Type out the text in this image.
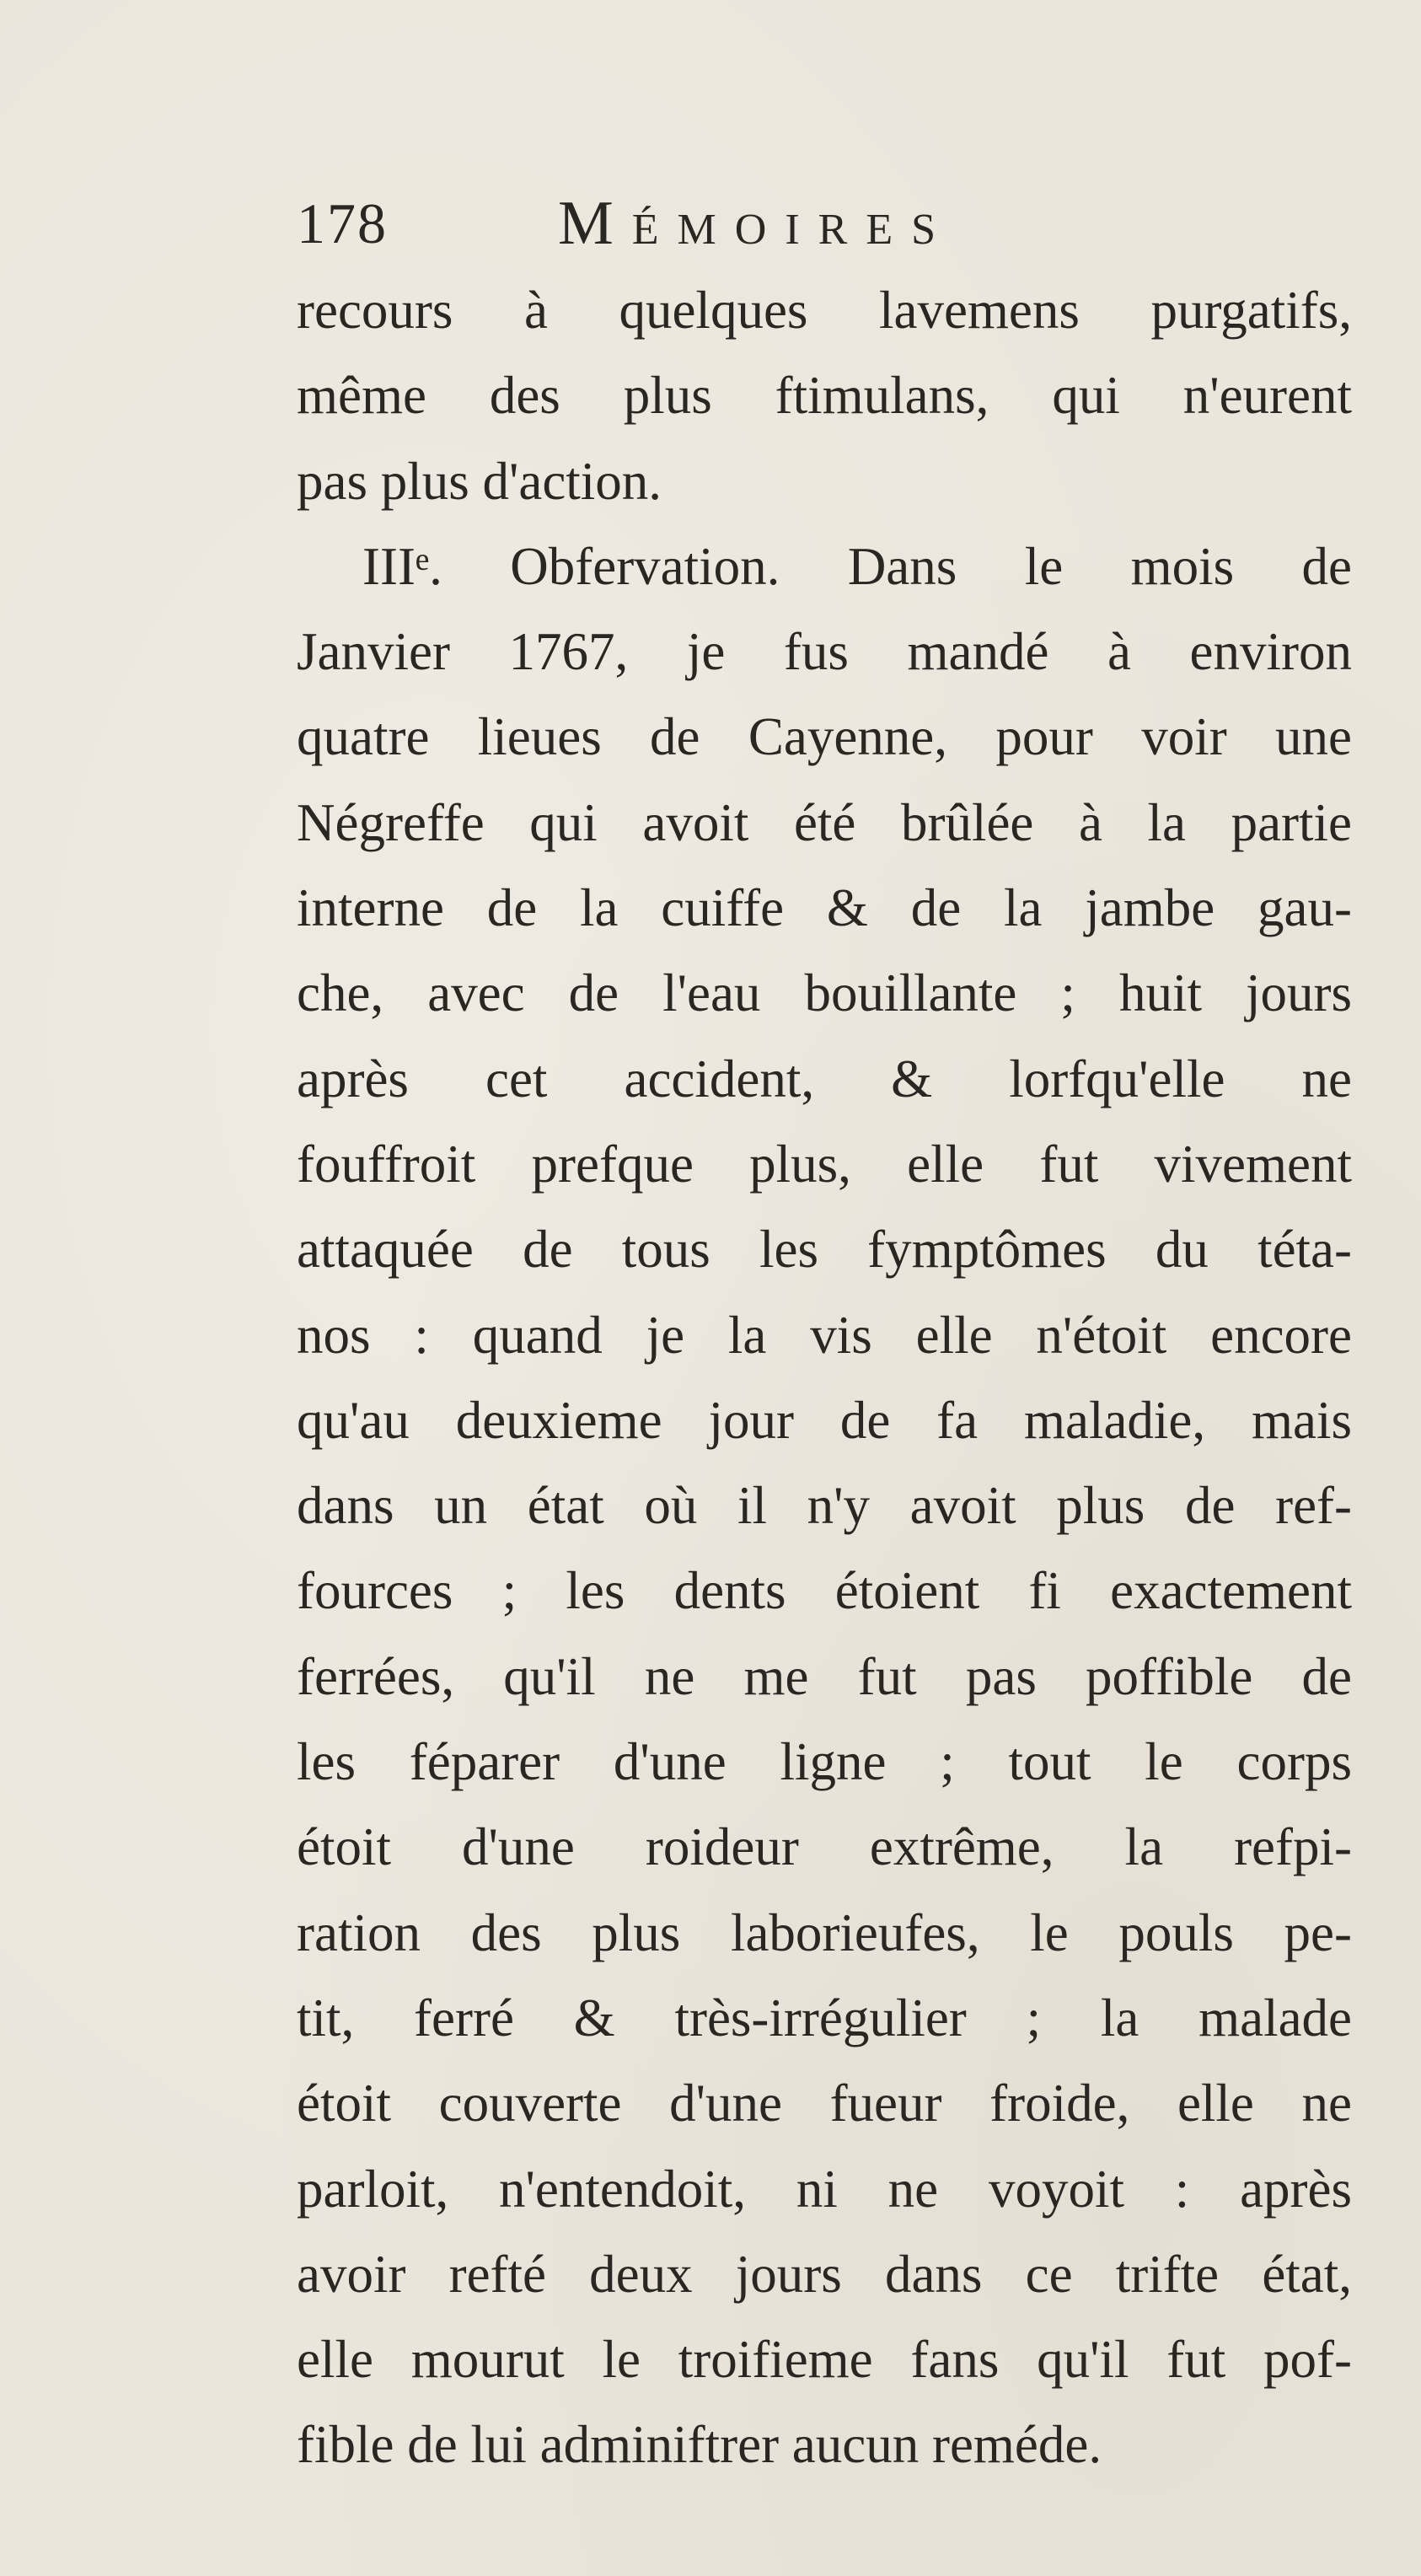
178	Mémoires
recours à quelques lavemens purgatifs,
même des plus ftimulans, qui n'eurent
pas plus d'action.
IIIᵉ. Obfervation. Dans le mois de
Janvier 1767, je fus mandé à environ
quatre lieues de Cayenne, pour voir une
Négreffe qui avoit été brûlée à la partie
interne de la cuiffe & de la jambe gau-
che, avec de l'eau bouillante ; huit jours
après cet accident, & lorfqu'elle ne
fouffroit prefque plus, elle fut vivement
attaquée de tous les fymptômes du téta-
nos : quand je la vis elle n'étoit encore
qu'au deuxieme jour de fa maladie, mais
dans un état où il n'y avoit plus de ref-
fources ; les dents étoient fi exactement
ferrées, qu'il ne me fut pas poffible de
les féparer d'une ligne ; tout le corps
étoit d'une roideur extrême, la refpi-
ration des plus laborieufes, le pouls pe-
tit, ferré & très-irrégulier ; la malade
étoit couverte d'une fueur froide, elle ne
parloit, n'entendoit, ni ne voyoit : après
avoir refté deux jours dans ce trifte état,
elle mourut le troifieme fans qu'il fut pof-
fible de lui adminiftrer aucun reméde.
